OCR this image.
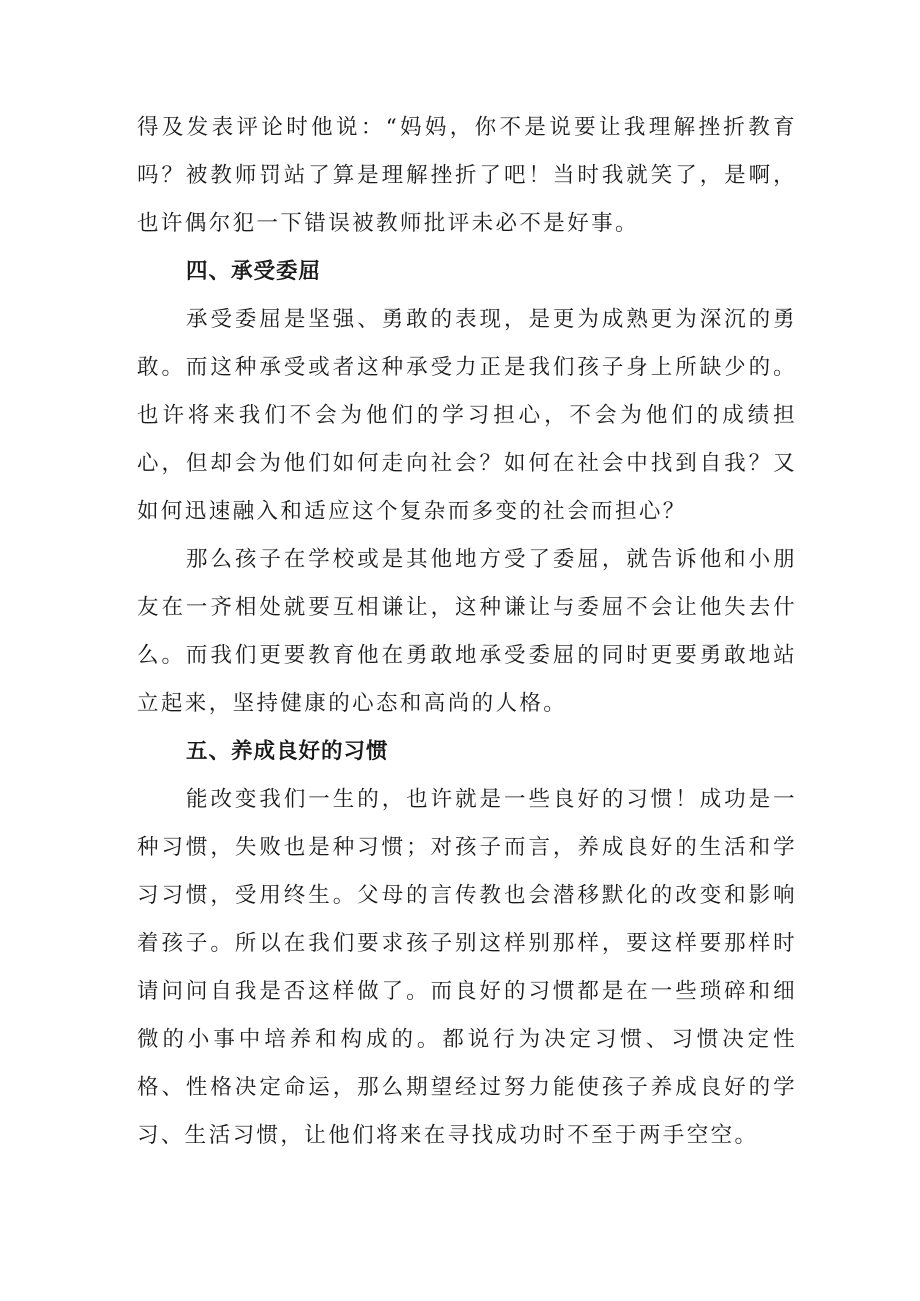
得及发表评论时他说：“妈妈，你不是说要让我理解挫折教育吗？被教师罚站了算是理解挫折了吧！当时我就笑了，是啊，也许偶尔犯一下错误被教师批评未必不是好事。

四、承受委屈

承受委屈是坚强、勇敢的表现，是更为成熟更为深沉的勇敢。而这种承受或者这种承受力正是我们孩子身上所缺少的。也许将来我们不会为他们的学习担心，不会为他们的成绩担心，但却会为他们如何走向社会？如何在社会中找到自我？又如何迅速融入和适应这个复杂而多变的社会而担心？

那么孩子在学校或是其他地方受了委屈，就告诉他和小朋友在一齐相处就要互相谦让，这种谦让与委屈不会让他失去什么。而我们更要教育他在勇敢地承受委屈的同时更要勇敢地站立起来，坚持健康的心态和高尚的人格。

五、养成良好的习惯

能改变我们一生的，也许就是一些良好的习惯！成功是一种习惯，失败也是种习惯；对孩子而言，养成良好的生活和学习习惯，受用终生。父母的言传教也会潜移默化的改变和影响着孩子。所以在我们要求孩子别这样别那样，要这样要那样时请问问自我是否这样做了。而良好的习惯都是在一些琐碎和细微的小事中培养和构成的。都说行为决定习惯、习惯决定性格、性格决定命运，那么期望经过努力能使孩子养成良好的学习、生活习惯，让他们将来在寻找成功时不至于两手空空。
